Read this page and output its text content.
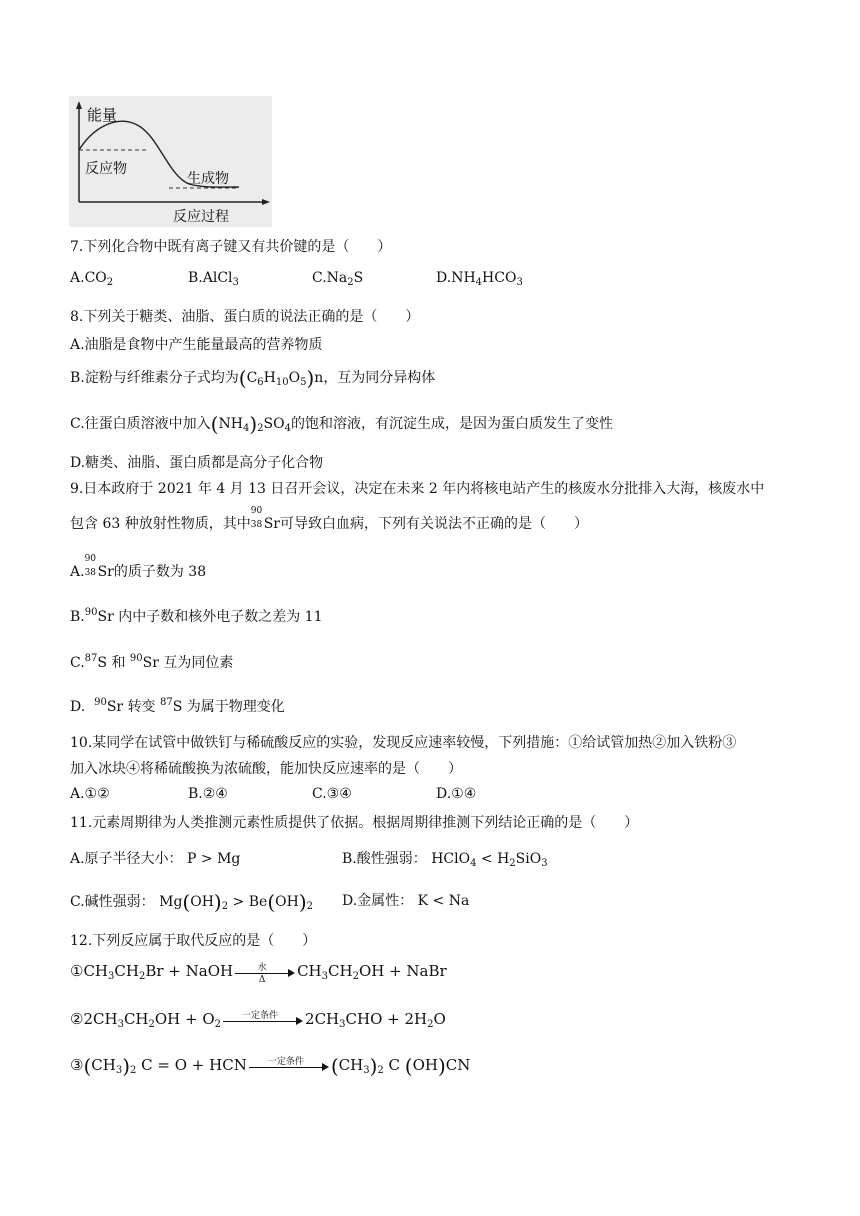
能量
反应物
生成物
反应过程
7.下列化合物中既有离子键又有共价键的是（　　）
$A.CO_2$	B.AlCl$_3$	$C.Na_2S$	$D.NH_4HCO_3$
8.下列关于糖类、油脂、蛋白质的说法正确的是（　　）
A.油脂是食物中产生能量最高的营养物质
B.淀粉与纤维素分子式均为$(C_6H_{10}O_5)n$，互为同分异构体
C.往蛋白质溶液中加入$(NH_4)_2SO_4$的饱和溶液，有沉淀生成，是因为蛋白质发生了变性
D.糖类、油脂、蛋白质都是高分子化合物
9.日本政府于 2021 年 4 月 13 日召开会议，决定在未来 2 年内将核电站产生的核废水分批排入大海，核废水中
包含 63 种放射性物质，其中
90
38 Sr可导致白血病，下列有关说法不正确的是（　　）
A.
90
38 Sr的质子数为 38
B.$^{90}$Sr 内中子数和核外电子数之差为 11
C.$^{87}$S 和 $^{90}$Sr 互为同位素
D. $^{90}$Sr 转变 $^{87}$S 为属于物理变化
10.某同学在试管中做铁钉与稀硫酸反应的实验，发现反应速率较慢，下列措施：①给试管加热②加入铁粉③
加入冰块④将稀硫酸换为浓硫酸，能加快反应速率的是（　　）
A.①②	B.②④	C.③④	D.①④
11.元素周期律为人类推测元素性质提供了依据。根据周期律推测下列结论正确的是（　　）
A.原子半径大小： P > Mg	B.酸性强弱： HClO$_4$ < $H_2SiO_3$
C.碱性强弱： $Mg(OH)_2 > Be(OH)_2$ D.金属性： K < Na
12.下列反应属于取代反应的是（　　）
$①CH_3CH_2Br$ + NaOH	水
Δ	$CH_3CH_2OH$ + NaBr
$②2CH_3CH_2OH + O_2$
一定条件	$2CH_3CHO + 2H_2O$
$③(CH_3)_2$ C = O + HCN	一定条件	$(CH_3)_2$ C (OH)CN
